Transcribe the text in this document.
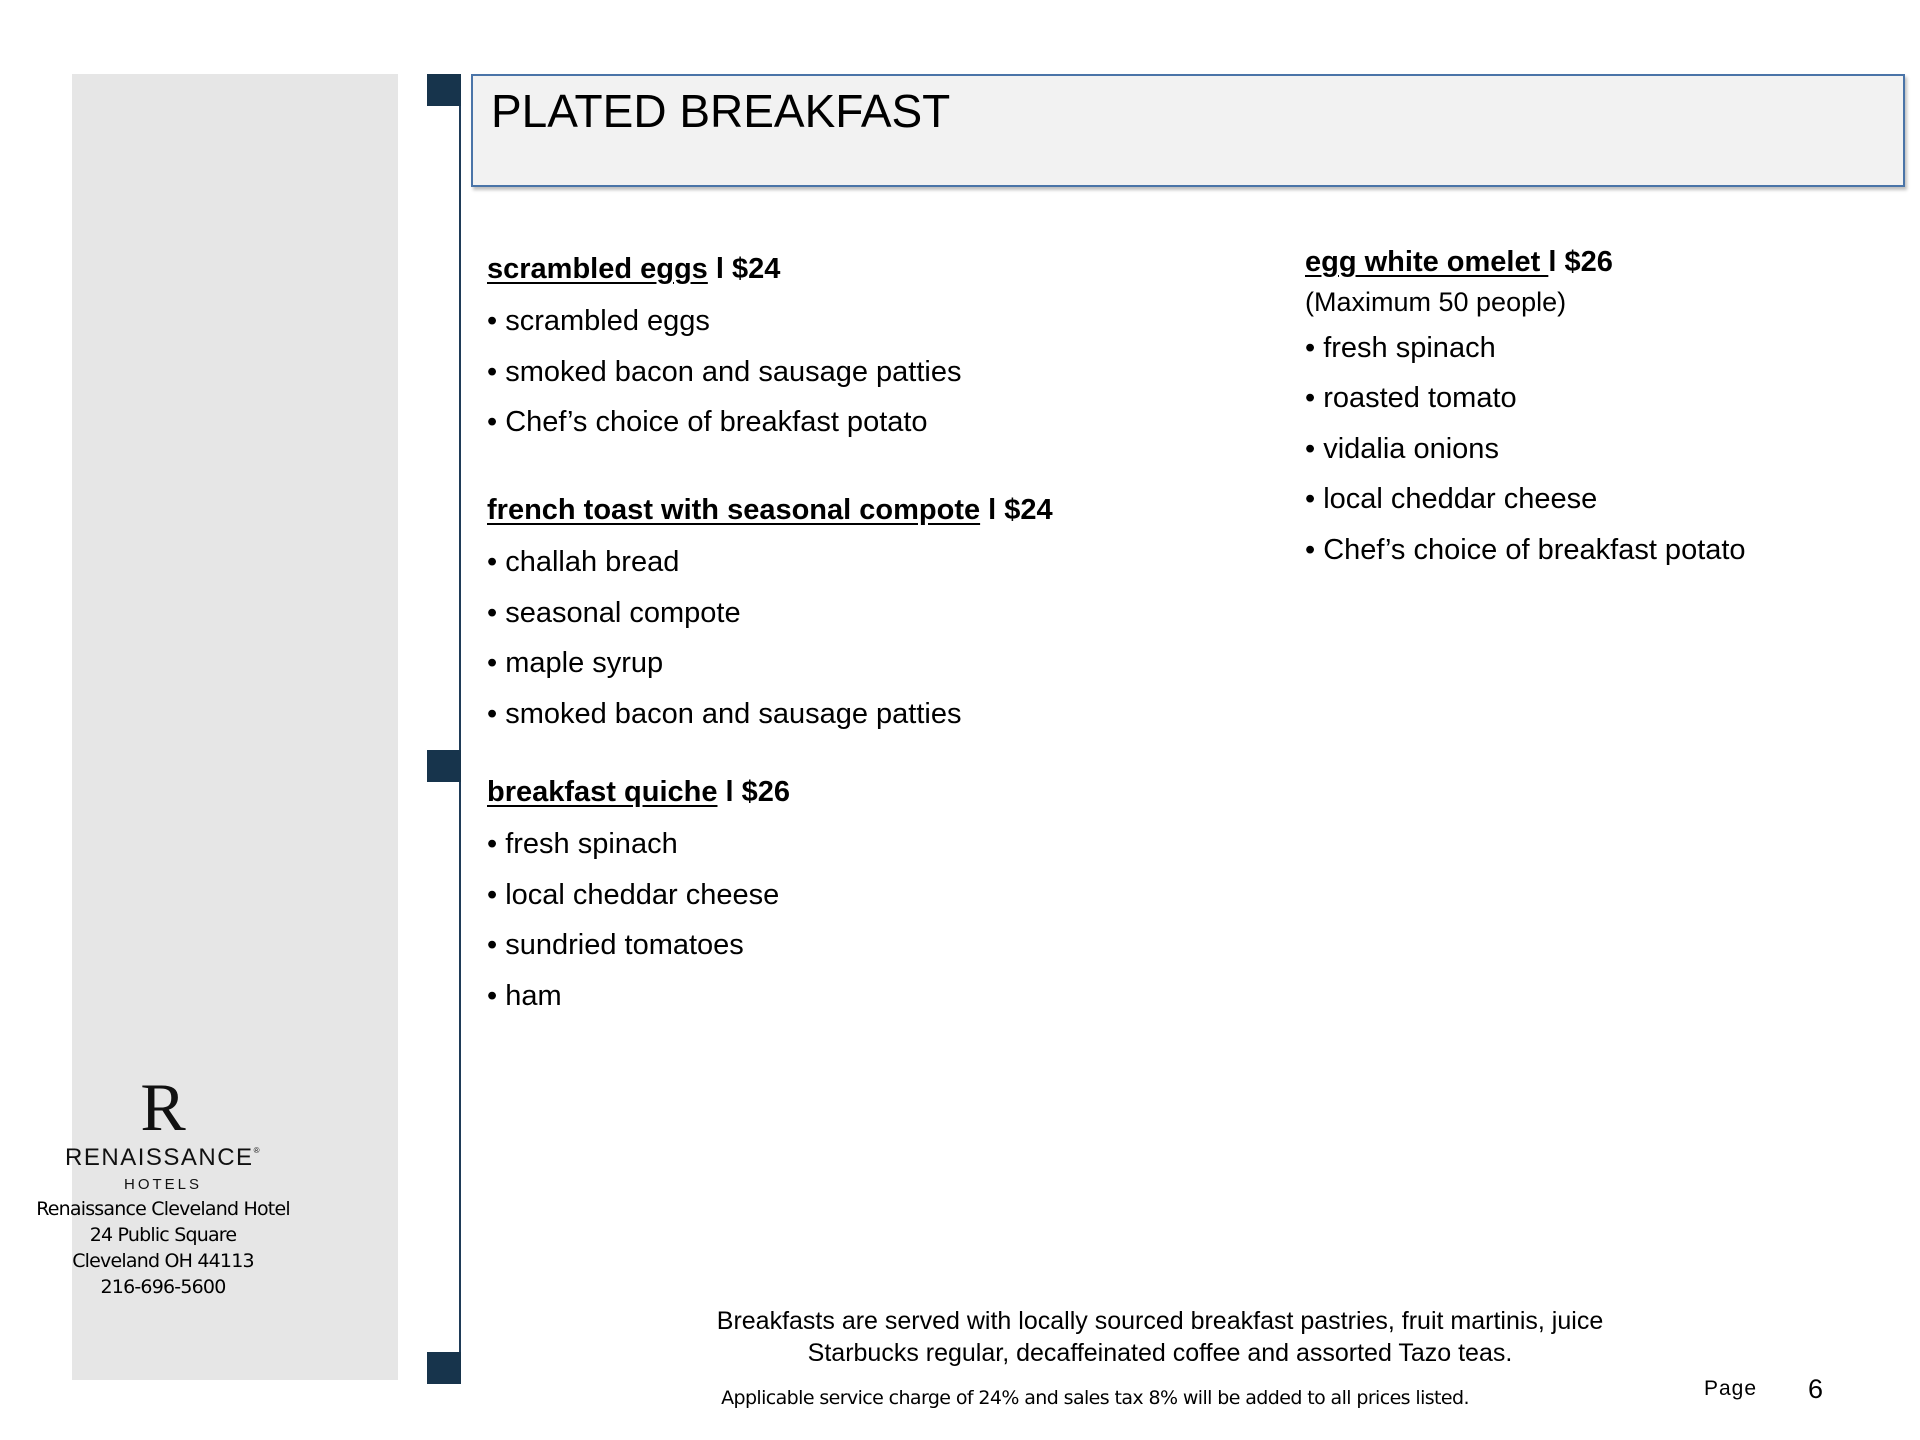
R
RENAISSANCE®
HOTELS
Renaissance Cleveland Hotel
24 Public Square
Cleveland OH 44113
216-696-5600
PLATED BREAKFAST
scrambled eggs l $24
• scrambled eggs
• smoked bacon and sausage patties
• Chef’s choice of breakfast potato
french toast with seasonal compote l $24
• challah bread
• seasonal compote
• maple syrup
• smoked bacon and sausage patties
breakfast quiche l $26
• fresh spinach
• local cheddar cheese
• sundried tomatoes
• ham
egg white omelet l $26
(Maximum 50 people)
• fresh spinach
• roasted tomato
• vidalia onions
• local cheddar cheese
• Chef’s choice of breakfast potato
Breakfasts are served with locally sourced breakfast pastries, fruit martinis, juice
Starbucks regular, decaffeinated coffee and assorted Tazo teas.
Applicable service charge of 24% and sales tax 8% will be added to all prices listed.	Page 6
